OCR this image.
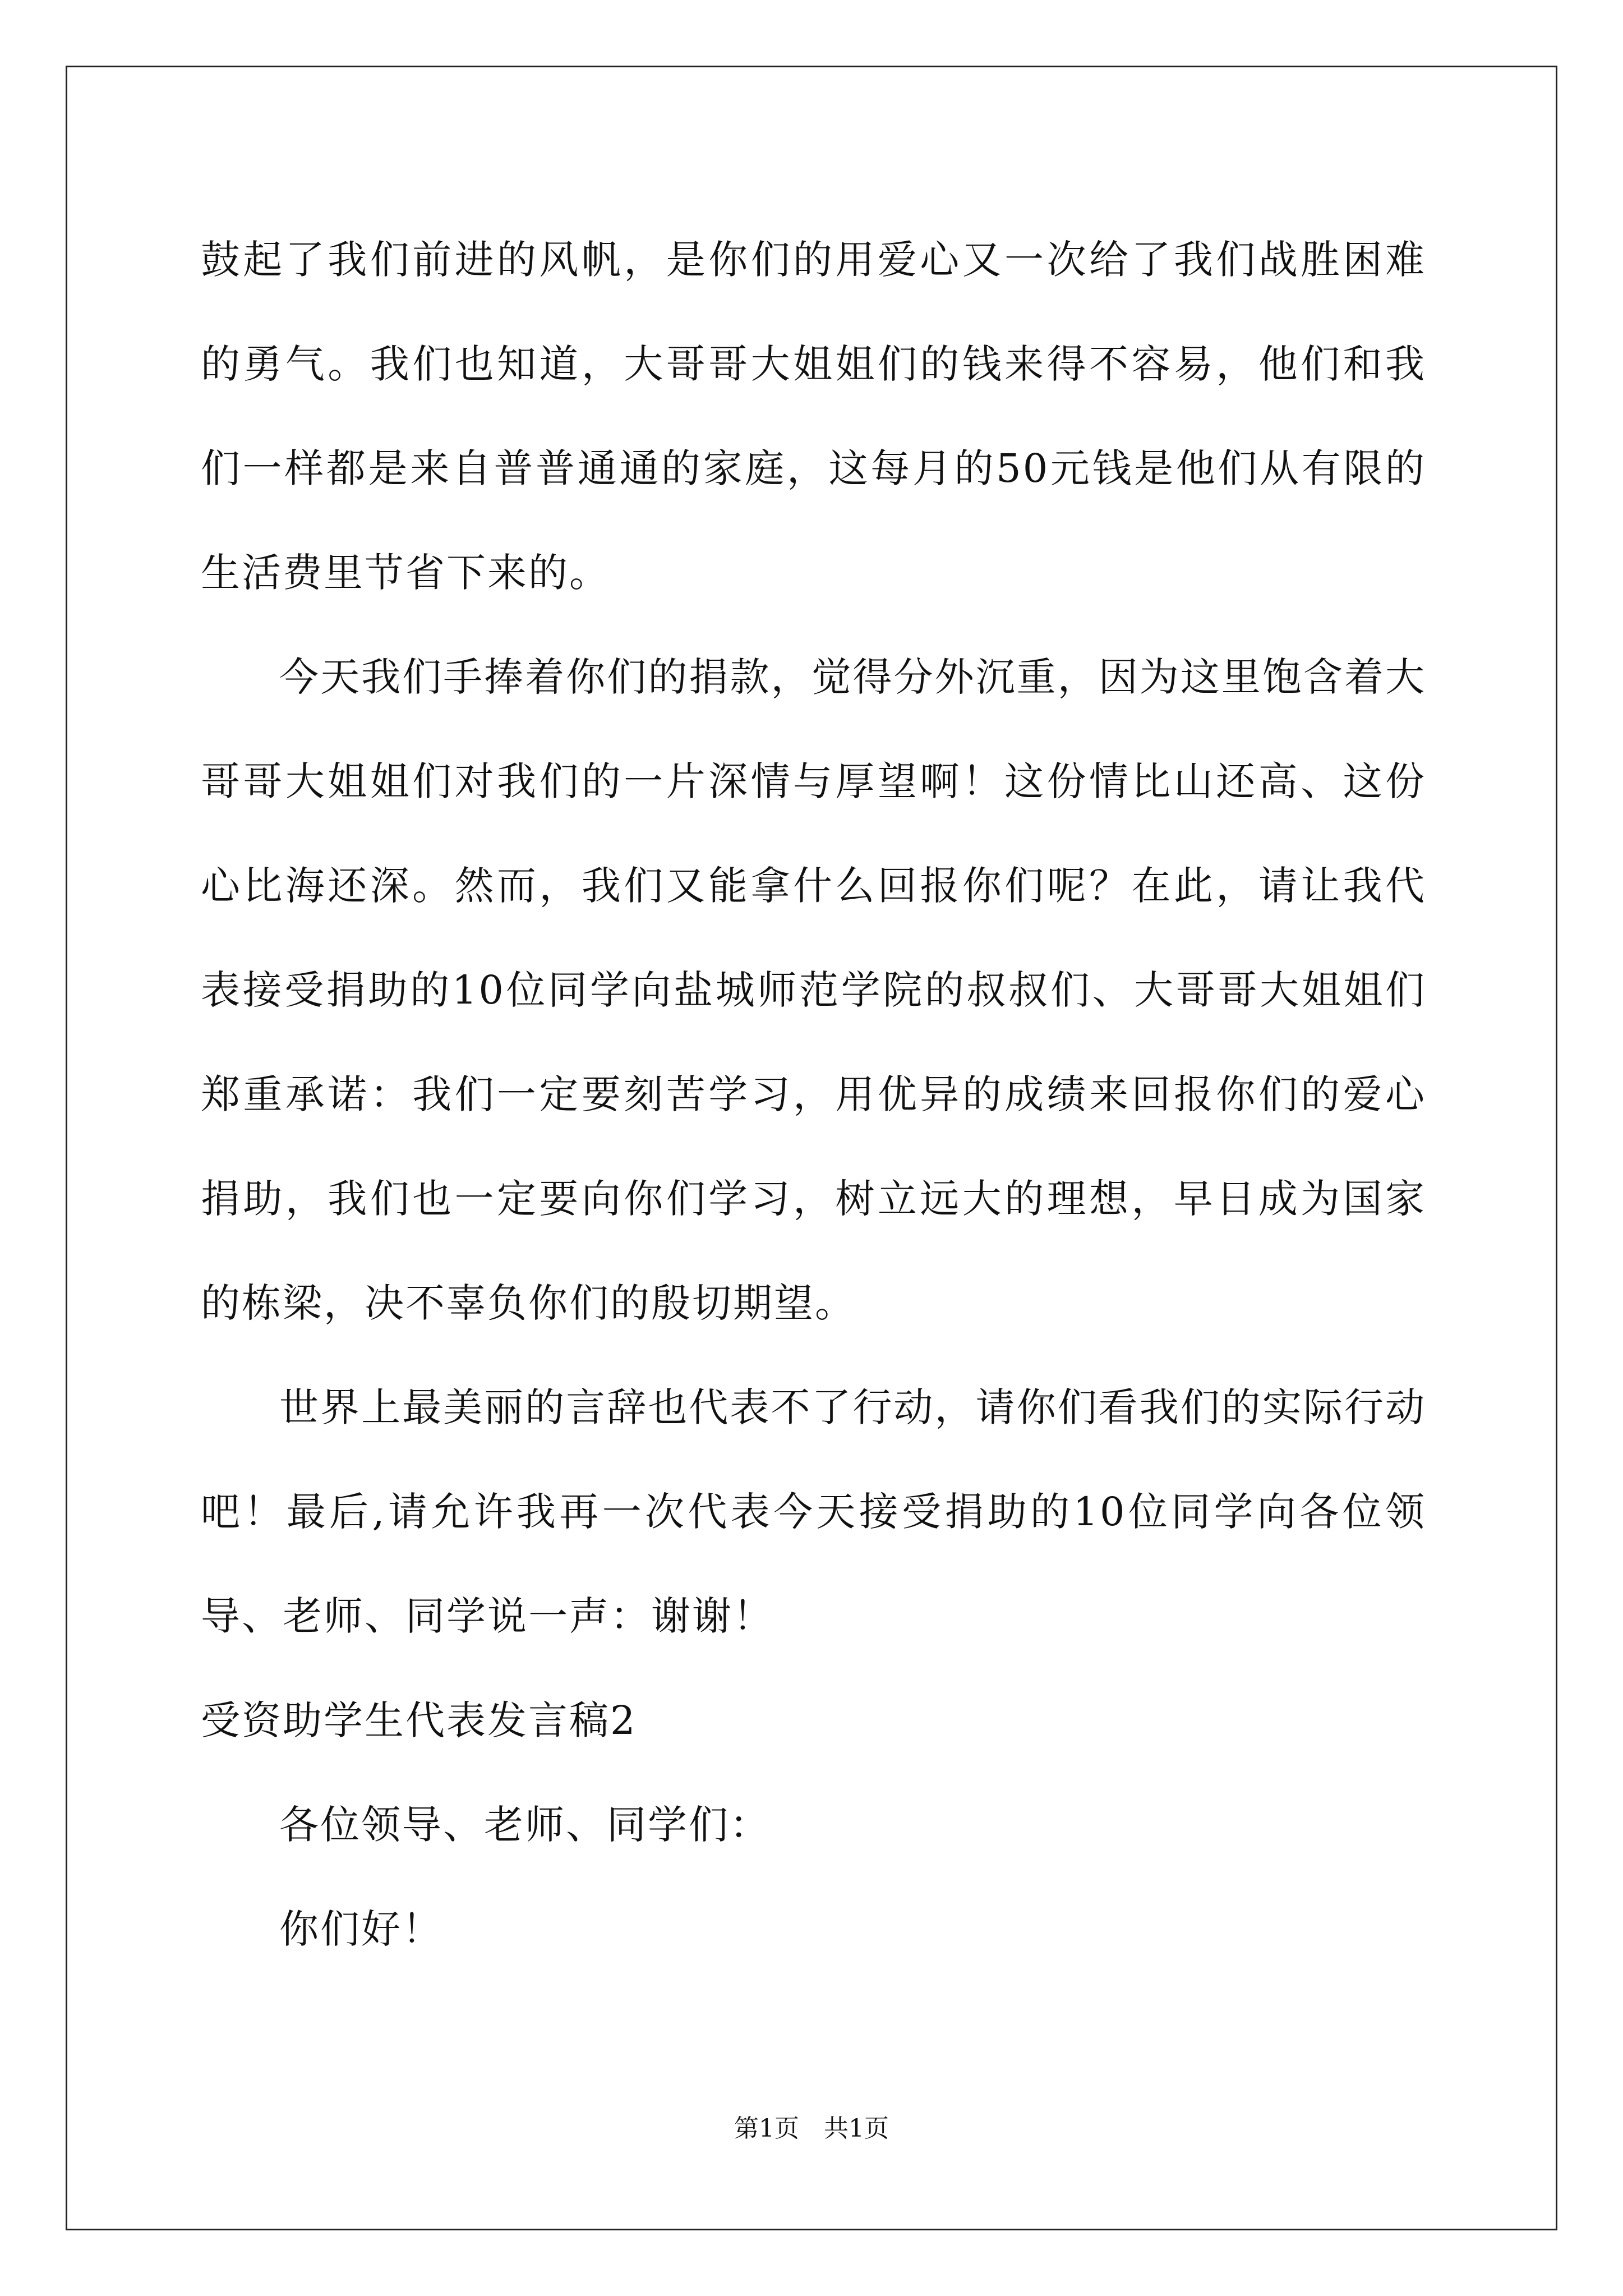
鼓起了我们前进的风帆，是你们的用爱心又一次给了我们战胜困难的勇气。我们也知道，大哥哥大姐姐们的钱来得不容易，他们和我们一样都是来自普普通通的家庭，这每月的50元钱是他们从有限的生活费里节省下来的。

今天我们手捧着你们的捐款，觉得分外沉重，因为这里饱含着大哥哥大姐姐们对我们的一片深情与厚望啊！这份情比山还高、这份心比海还深。然而，我们又能拿什么回报你们呢？在此，请让我代表接受捐助的10位同学向盐城师范学院的叔叔们、大哥哥大姐姐们郑重承诺：我们一定要刻苦学习，用优异的成绩来回报你们的爱心捐助，我们也一定要向你们学习，树立远大的理想，早日成为国家的栋梁，决不辜负你们的殷切期望。

世界上最美丽的言辞也代表不了行动，请你们看我们的实际行动吧！最后,请允许我再一次代表今天接受捐助的10位同学向各位领导、老师、同学说一声：谢谢！

受资助学生代表发言稿2

各位领导、老师、同学们：

你们好！

第1页　共1页
